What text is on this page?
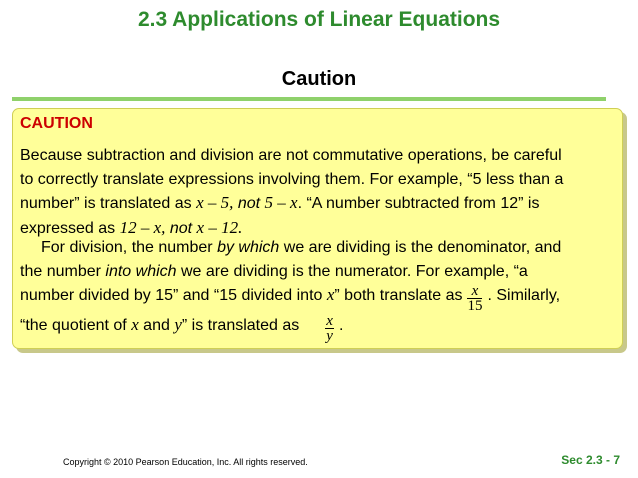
2.3 Applications of Linear Equations
Caution
CAUTION
Because subtraction and division are not commutative operations, be careful
to correctly translate expressions involving them. For example, “5 less than a
number” is translated as x – 5, not 5 – x. “A number subtracted from 12” is
expressed as 12 – x, not x – 12.
For division, the number by which we are dividing is the denominator, and
the number into which we are dividing is the numerator. For example, “a
number divided by 15” and “15 divided into x” both translate as $\frac{x}{15}$ . Similarly,
“the quotient of x and y” is translated as $\frac{x}{y}$ .
Copyright © 2010 Pearson Education, Inc. All rights reserved.	Sec 2.3 - 7
